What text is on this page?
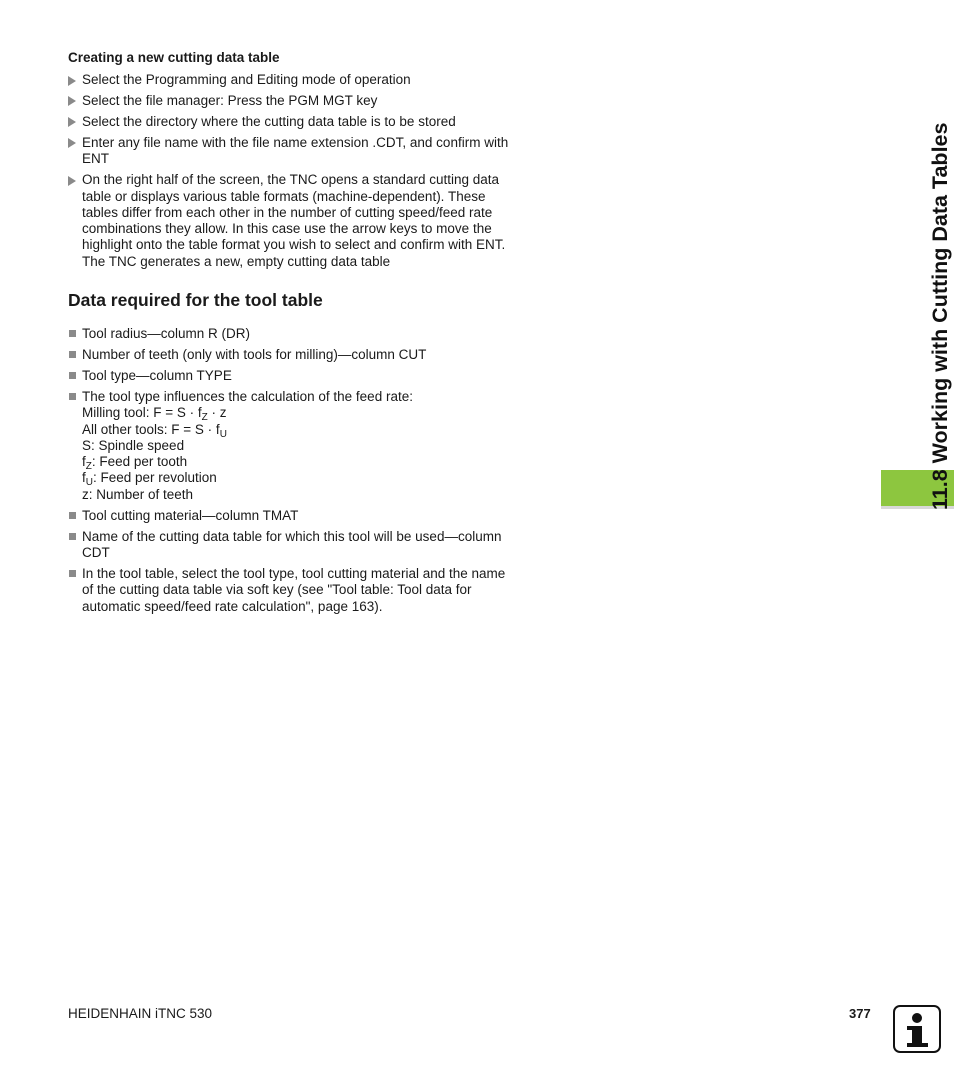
Creating a new cutting data table
Select the Programming and Editing mode of operation
Select the file manager: Press the PGM MGT key
Select the directory where the cutting data table is to be stored
Enter any file name with the file name extension .CDT, and confirm with ENT
On the right half of the screen, the TNC opens a standard cutting data table or displays various table formats (machine-dependent). These tables differ from each other in the number of cutting speed/feed rate combinations they allow. In this case use the arrow keys to move the highlight onto the table format you wish to select and confirm with ENT. The TNC generates a new, empty cutting data table
Data required for the tool table
Tool radius—column R (DR)
Number of teeth (only with tools for milling)—column CUT
Tool type—column TYPE
The tool type influences the calculation of the feed rate:
Milling tool: $F = S \cdot f_Z \cdot z$
All other tools: $F = S \cdot f_U$
S: Spindle speed
$f_Z$: Feed per tooth
$f_U$: Feed per revolution
z: Number of teeth
Tool cutting material—column TMAT
Name of the cutting data table for which this tool will be used—column CDT
In the tool table, select the tool type, tool cutting material and the name of the cutting data table via soft key (see "Tool table: Tool data for automatic speed/feed rate calculation", page 163).
11.8 Working with Cutting Data Tables
HEIDENHAIN iTNC 530	377
